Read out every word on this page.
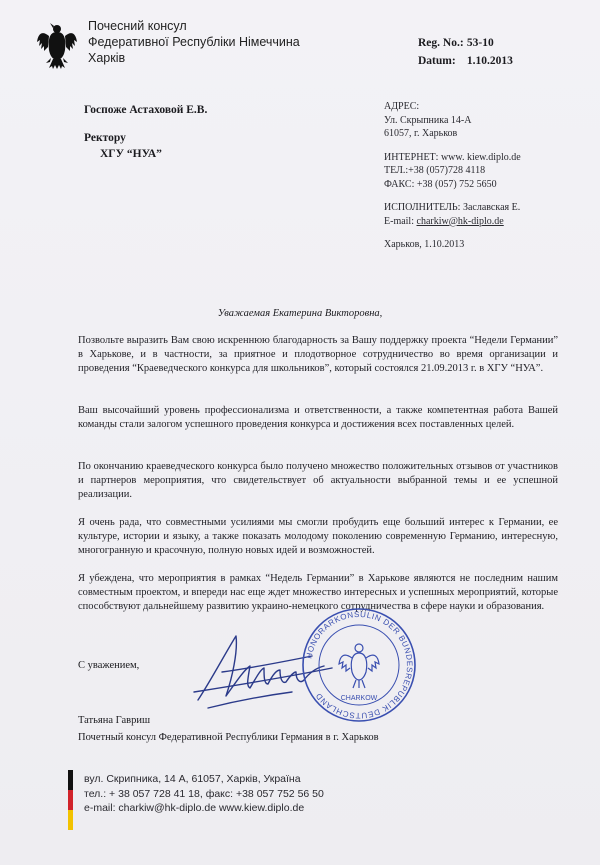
Почесний консул
Федеративної Республіки Німеччина
Харків
Reg. No.: 53-10
Datum: 1.10.2013
Госпоже Астаховой Е.В.
Ректору
ХГУ “НУА”
АДРЕС:
Ул. Скрыпника 14-А
61057, г. Харьков
ИНТЕРНЕТ: www. kiew.diplo.de
ТЕЛ.:+38 (057)728 4118
ФАКС: +38 (057) 752 5650
ИСПОЛНИТЕЛЬ: Заславская Е.
E-mail: charkiw@hk-diplo.de
Харьков, 1.10.2013
Уважаемая Екатерина Викторовна,
Позвольте выразить Вам свою искреннюю благодарность за Вашу поддержку проекта “Недели Германии” в Харькове, и в частности, за приятное и плодотворное сотрудничество во время организации и проведения “Краеведческого конкурса для школьников”, который состоялся 21.09.2013 г. в ХГУ “НУА”.
Ваш высочайший уровень профессионализма и ответственности, а также компетентная работа Вашей команды стали залогом успешного проведения конкурса и достижения всех поставленных целей.
По окончанию краеведческого конкурса было получено множество положительных отзывов от участников и партнеров мероприятия, что свидетельствует об актуальности выбранной темы и ее успешной реализации.
Я очень рада, что совместными усилиями мы смогли пробудить еще больший интерес к Германии, ее культуре, истории и языку, а также показать молодому поколению современную Германию, интересную, многогранную и красочную, полную новых идей и возможностей.
Я убеждена, что мероприятия в рамках “Недель Германии” в Харькове являются не последним нашим совместным проектом, и впереди нас еще ждет множество интересных и успешных мероприятий, которые способствуют дальнейшему развитию украино-немецкого сотрудничества в сфере науки и образования.
С уважением,
HONORARKONSULIN DER BUNDESREPUBLIK DEUTSCHLAND	CHARKOW
Татьяна Гавриш
Почетный консул Федеративной Республики Германия в г. Харьков
вул. Скрипника, 14 А, 61057, Харків, Україна
тел.: + 38 057 728 41 18, факс: +38 057 752 56 50
e-mail: charkiw@hk-diplo.de www.kiew.diplo.de
